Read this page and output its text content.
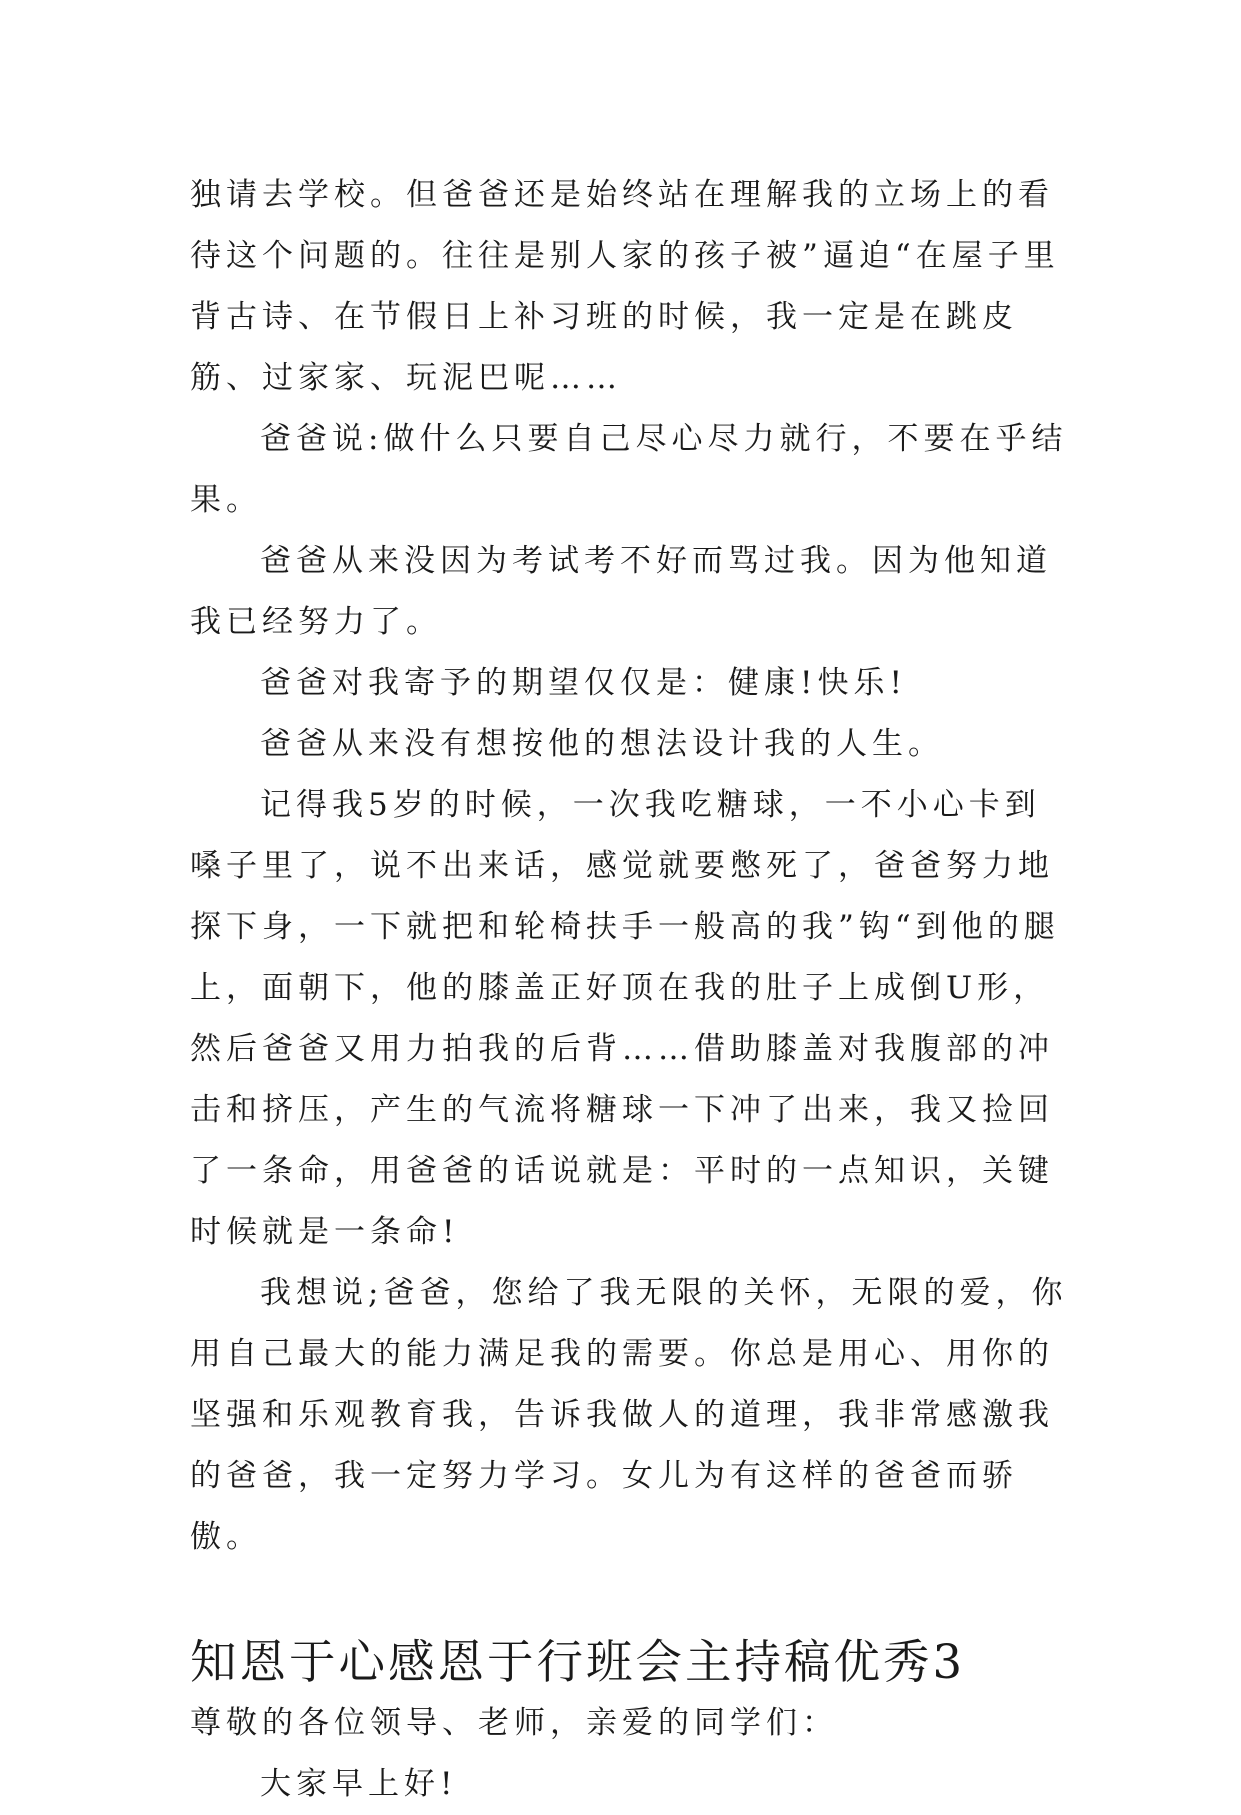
独请去学校。但爸爸还是始终站在理解我的立场上的看待这个问题的。往往是别人家的孩子被”逼迫“在屋子里背古诗、在节假日上补习班的时候，我一定是在跳皮筋、过家家、玩泥巴呢……

爸爸说:做什么只要自己尽心尽力就行，不要在乎结果。

爸爸从来没因为考试考不好而骂过我。因为他知道我已经努力了。

爸爸对我寄予的期望仅仅是：健康!快乐!

爸爸从来没有想按他的想法设计我的人生。

记得我5岁的时候，一次我吃糖球，一不小心卡到嗓子里了，说不出来话，感觉就要憋死了，爸爸努力地探下身，一下就把和轮椅扶手一般高的我”钩“到他的腿上，面朝下，他的膝盖正好顶在我的肚子上成倒U形，然后爸爸又用力拍我的后背……借助膝盖对我腹部的冲击和挤压，产生的气流将糖球一下冲了出来，我又捡回了一条命，用爸爸的话说就是：平时的一点知识，关键时候就是一条命!

我想说;爸爸，您给了我无限的关怀，无限的爱，你用自己最大的能力满足我的需要。你总是用心、用你的坚强和乐观教育我，告诉我做人的道理，我非常感激我的爸爸，我一定努力学习。女儿为有这样的爸爸而骄傲。

知恩于心感恩于行班会主持稿优秀3

尊敬的各位领导、老师，亲爱的同学们：

大家早上好!
